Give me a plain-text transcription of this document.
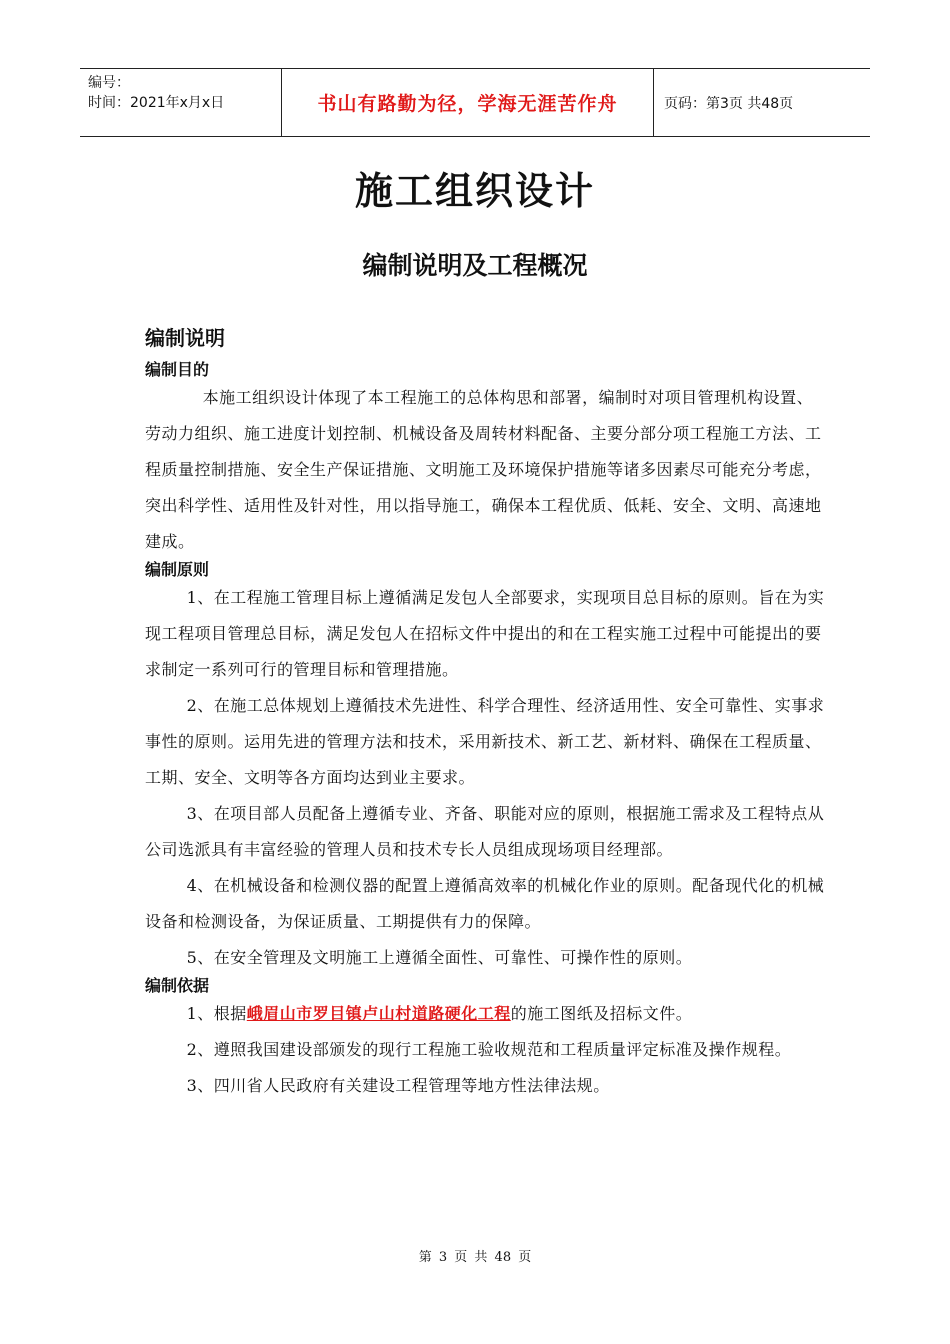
编号：
时间：2021年x月x日	书山有路勤为径，学海无涯苦作舟	页码：第3页 共48页
施工组织设计
编制说明及工程概况
编制说明
编制目的

本施工组织设计体现了本工程施工的总体构思和部署，编制时对项目管理机构设置、劳动力组织、施工进度计划控制、机械设备及周转材料配备、主要分部分项工程施工方法、工程质量控制措施、安全生产保证措施、文明施工及环境保护措施等诸多因素尽可能充分考虑，突出科学性、适用性及针对性，用以指导施工，确保本工程优质、低耗、安全、文明、高速地建成。

编制原则

1、在工程施工管理目标上遵循满足发包人全部要求，实现项目总目标的原则。旨在为实现工程项目管理总目标，满足发包人在招标文件中提出的和在工程实施工过程中可能提出的要求制定一系列可行的管理目标和管理措施。

2、在施工总体规划上遵循技术先进性、科学合理性、经济适用性、安全可靠性、实事求事性的原则。运用先进的管理方法和技术，采用新技术、新工艺、新材料、确保在工程质量、工期、安全、文明等各方面均达到业主要求。

3、在项目部人员配备上遵循专业、齐备、职能对应的原则，根据施工需求及工程特点从公司选派具有丰富经验的管理人员和技术专长人员组成现场项目经理部。

4、在机械设备和检测仪器的配置上遵循高效率的机械化作业的原则。配备现代化的机械设备和检测设备，为保证质量、工期提供有力的保障。

5、在安全管理及文明施工上遵循全面性、可靠性、可操作性的原则。

编制依据

1、根据峨眉山市罗目镇卢山村道路硬化工程的施工图纸及招标文件。

2、遵照我国建设部颁发的现行工程施工验收规范和工程质量评定标准及操作规程。

3、四川省人民政府有关建设工程管理等地方性法律法规。

第 3 页 共 48 页
